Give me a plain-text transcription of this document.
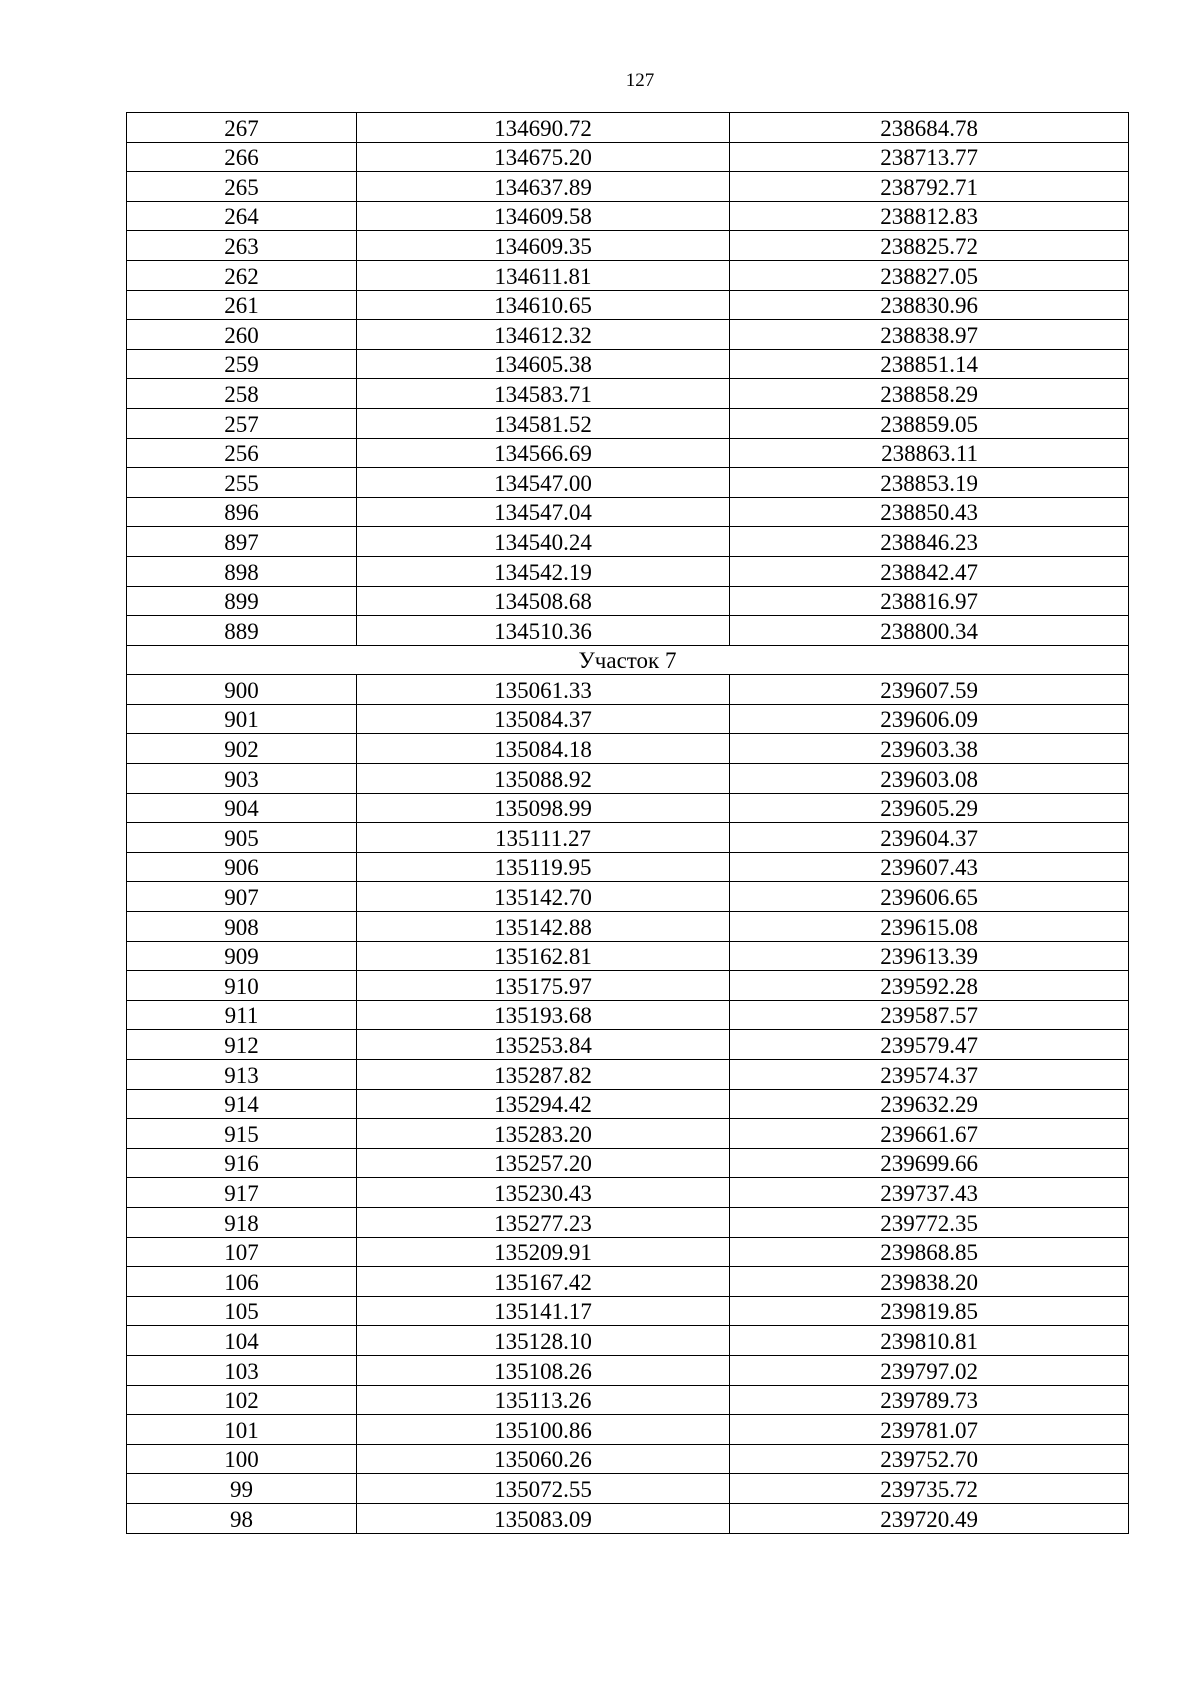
127
267	134690.72	238684.78
266	134675.20	238713.77
265	134637.89	238792.71
264	134609.58	238812.83
263	134609.35	238825.72
262	134611.81	238827.05
261	134610.65	238830.96
260	134612.32	238838.97
259	134605.38	238851.14
258	134583.71	238858.29
257	134581.52	238859.05
256	134566.69	238863.11
255	134547.00	238853.19
896	134547.04	238850.43
897	134540.24	238846.23
898	134542.19	238842.47
899	134508.68	238816.97
889	134510.36	238800.34
Участок 7		
900	135061.33	239607.59
901	135084.37	239606.09
902	135084.18	239603.38
903	135088.92	239603.08
904	135098.99	239605.29
905	135111.27	239604.37
906	135119.95	239607.43
907	135142.70	239606.65
908	135142.88	239615.08
909	135162.81	239613.39
910	135175.97	239592.28
911	135193.68	239587.57
912	135253.84	239579.47
913	135287.82	239574.37
914	135294.42	239632.29
915	135283.20	239661.67
916	135257.20	239699.66
917	135230.43	239737.43
918	135277.23	239772.35
107	135209.91	239868.85
106	135167.42	239838.20
105	135141.17	239819.85
104	135128.10	239810.81
103	135108.26	239797.02
102	135113.26	239789.73
101	135100.86	239781.07
100	135060.26	239752.70
99	135072.55	239735.72
98	135083.09	239720.49
